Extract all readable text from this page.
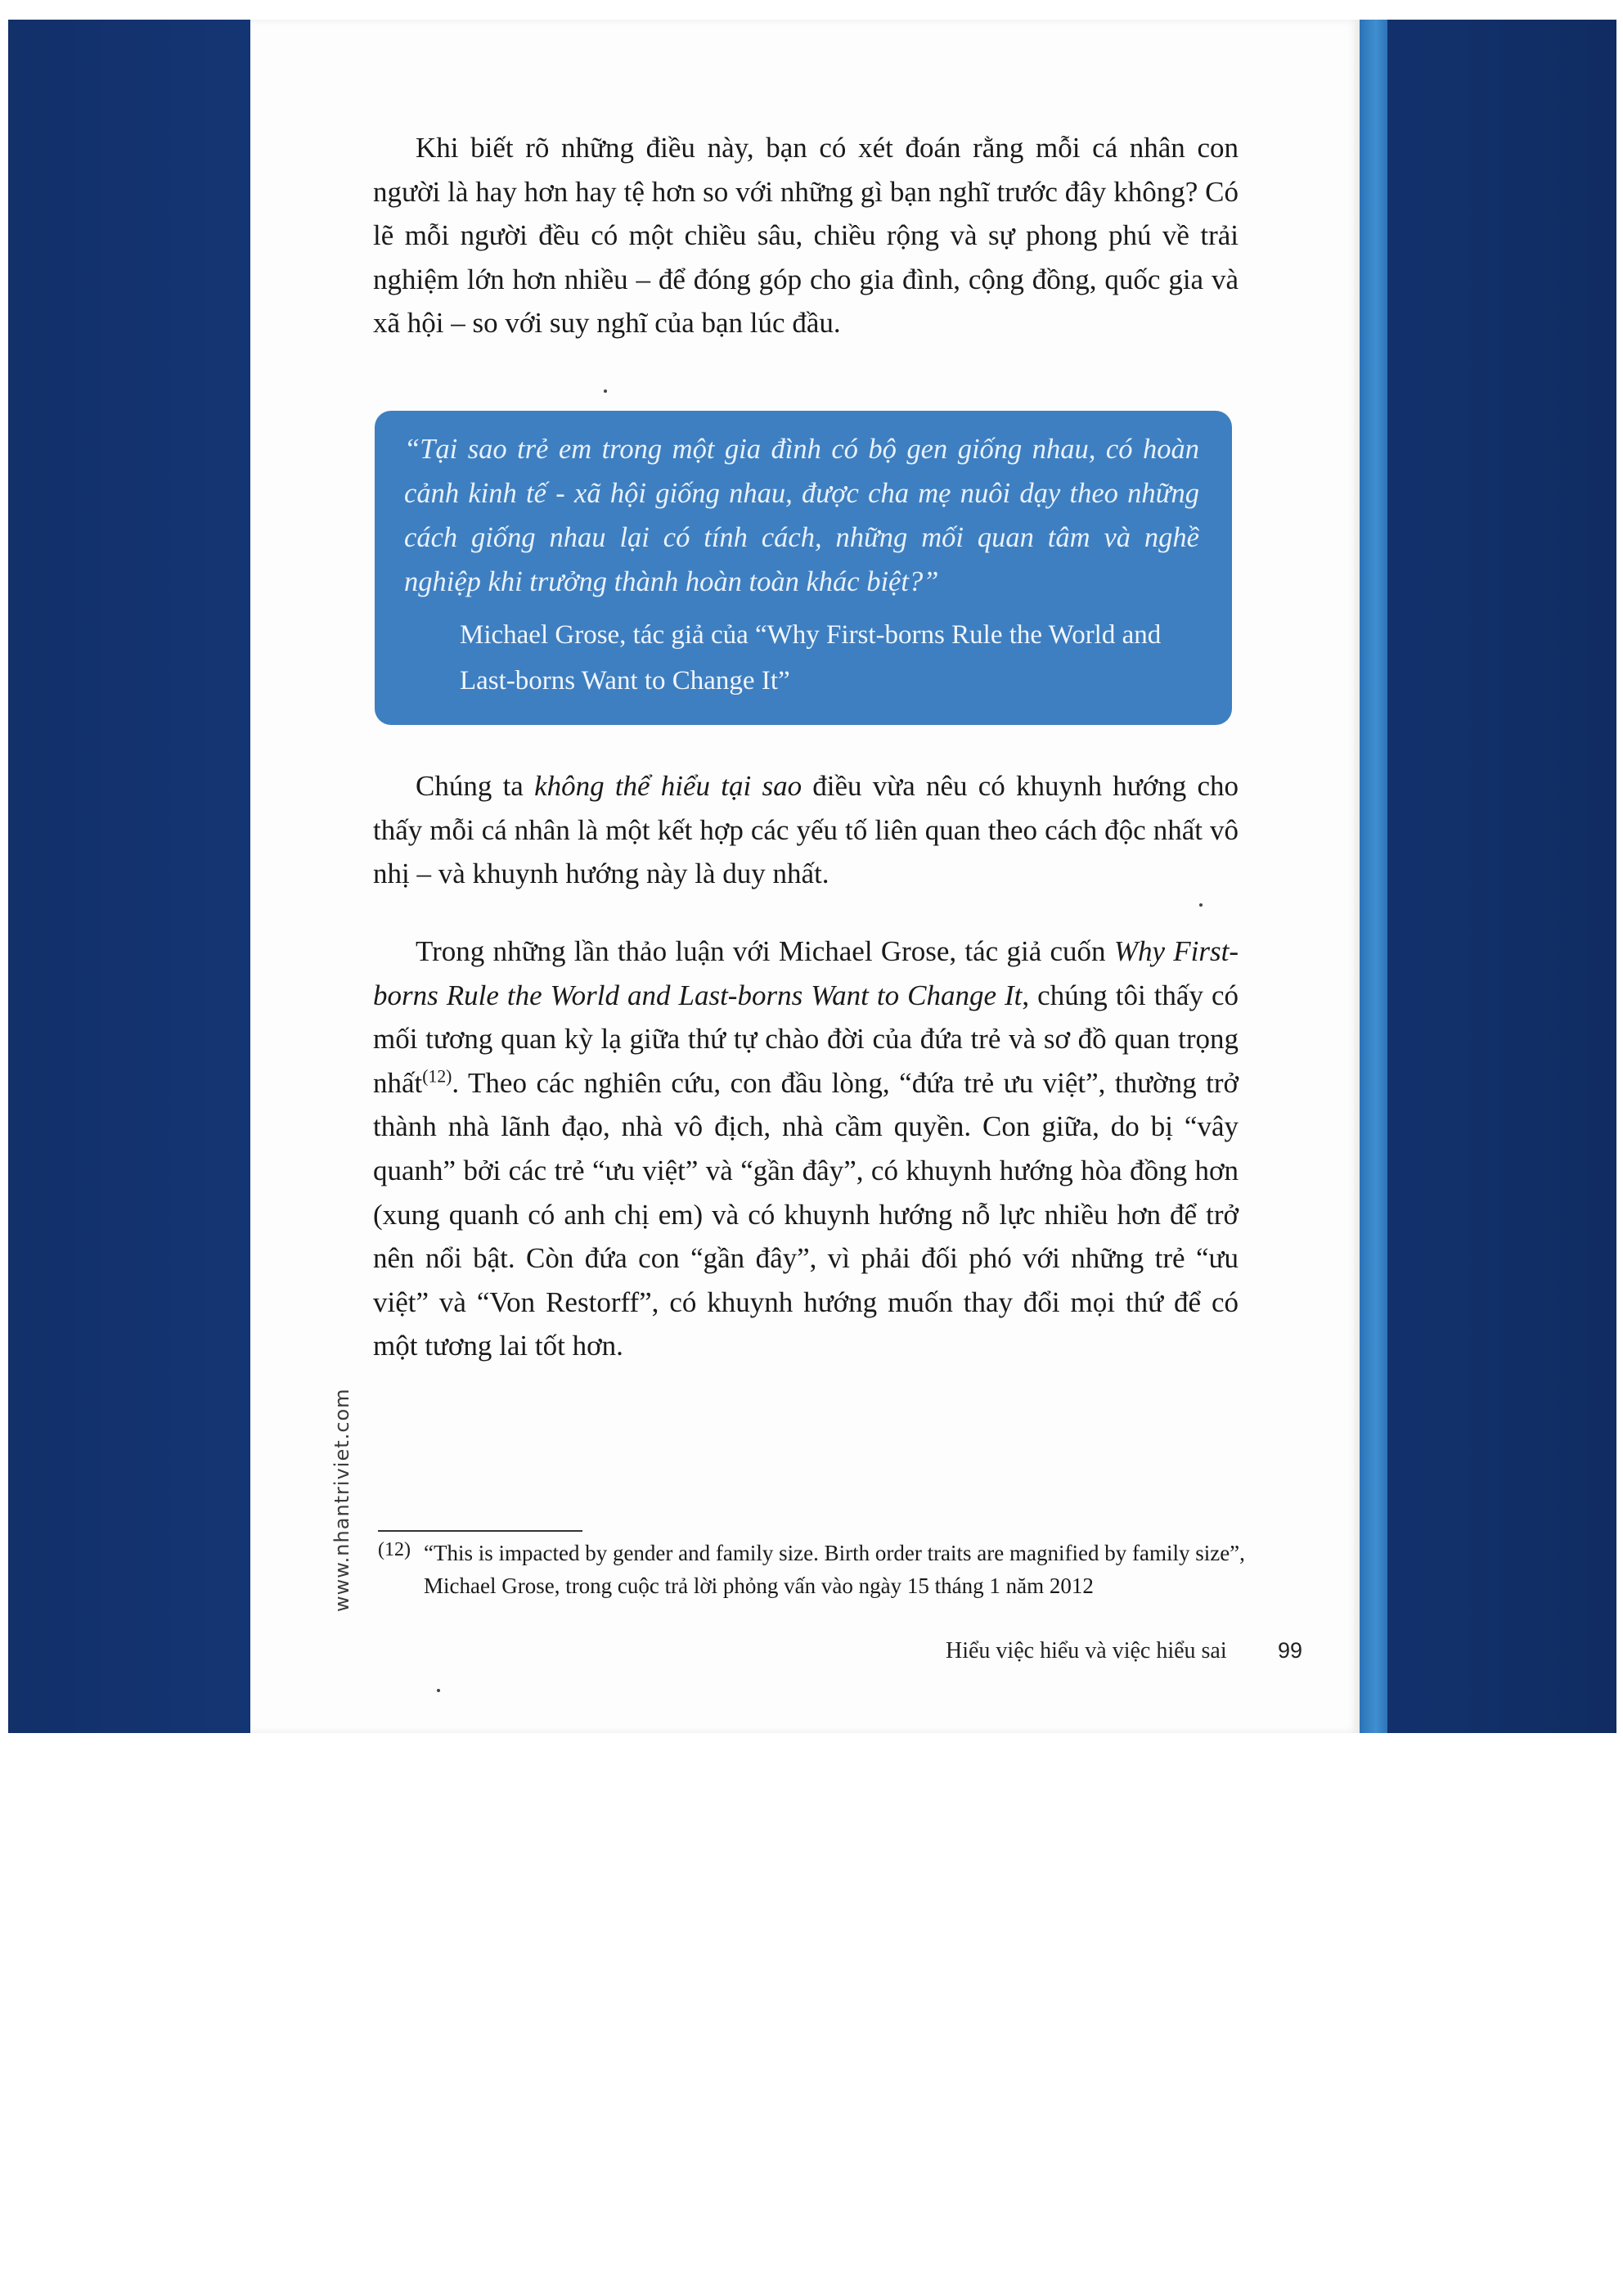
Khi biết rõ những điều này, bạn có xét đoán rằng mỗi cá nhân con người là hay hơn hay tệ hơn so với những gì bạn nghĩ trước đây không? Có lẽ mỗi người đều có một chiều sâu, chiều rộng và sự phong phú về trải nghiệm lớn hơn nhiều – để đóng góp cho gia đình, cộng đồng, quốc gia và xã hội – so với suy nghĩ của bạn lúc đầu.

“Tại sao trẻ em trong một gia đình có bộ gen giống nhau, có hoàn cảnh kinh tế - xã hội giống nhau, được cha mẹ nuôi dạy theo những cách giống nhau lại có tính cách, những mối quan tâm và nghề nghiệp khi trưởng thành hoàn toàn khác biệt?”

Michael Grose, tác giả của “Why First-borns Rule the World and Last-borns Want to Change It”

Chúng ta không thể hiểu tại sao điều vừa nêu có khuynh hướng cho thấy mỗi cá nhân là một kết hợp các yếu tố liên quan theo cách độc nhất vô nhị – và khuynh hướng này là duy nhất.

Trong những lần thảo luận với Michael Grose, tác giả cuốn Why First-borns Rule the World and Last-borns Want to Change It, chúng tôi thấy có mối tương quan kỳ lạ giữa thứ tự chào đời của đứa trẻ và sơ đồ quan trọng nhất$^{(12)}$. Theo các nghiên cứu, con đầu lòng, “đứa trẻ ưu việt”, thường trở thành nhà lãnh đạo, nhà vô địch, nhà cầm quyền. Con giữa, do bị “vây quanh” bởi các trẻ “ưu việt” và “gần đây”, có khuynh hướng hòa đồng hơn (xung quanh có anh chị em) và có khuynh hướng nỗ lực nhiều hơn để trở nên nổi bật. Còn đứa con “gần đây”, vì phải đối phó với những trẻ “ưu việt” và “Von Restorff”, có khuynh hướng muốn thay đổi mọi thứ để có một tương lai tốt hơn.

(12) “This is impacted by gender and family size. Birth order traits are magnified by family size”, Michael Grose, trong cuộc trả lời phỏng vấn vào ngày 15 tháng 1 năm 2012
Hiểu việc hiểu và việc hiểu sai 99
www.nhantriviet.com
